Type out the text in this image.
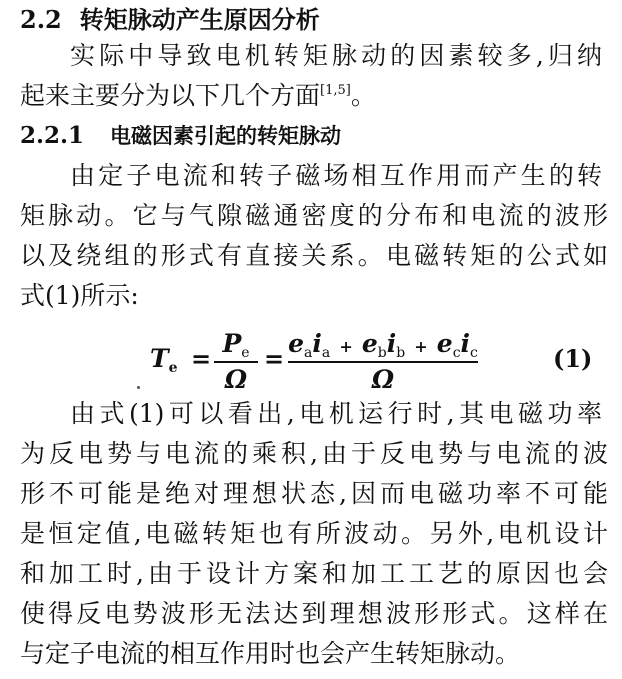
2.2 转矩脉动产生原因分析
实际中导致电机转矩脉动的因素较多,归纳
起来主要分为以下几个方面[1,5]。
2.2.1 电磁因素引起的转矩脉动
由定子电流和转子磁场相互作用而产生的转
矩脉动。它与气隙磁通密度的分布和电流的波形
以及绕组的形式有直接关系。电磁转矩的公式如
式(1)所示:
Te =
Pe
Ω
=
eaia + ebib + ecic
Ω
(1)
由式(1)可以看出,电机运行时,其电磁功率
为反电势与电流的乘积,由于反电势与电流的波
形不可能是绝对理想状态,因而电磁功率不可能
是恒定值,电磁转矩也有所波动。另外,电机设计
和加工时,由于设计方案和加工工艺的原因也会
使得反电势波形无法达到理想波形形式。这样在
与定子电流的相互作用时也会产生转矩脉动。
